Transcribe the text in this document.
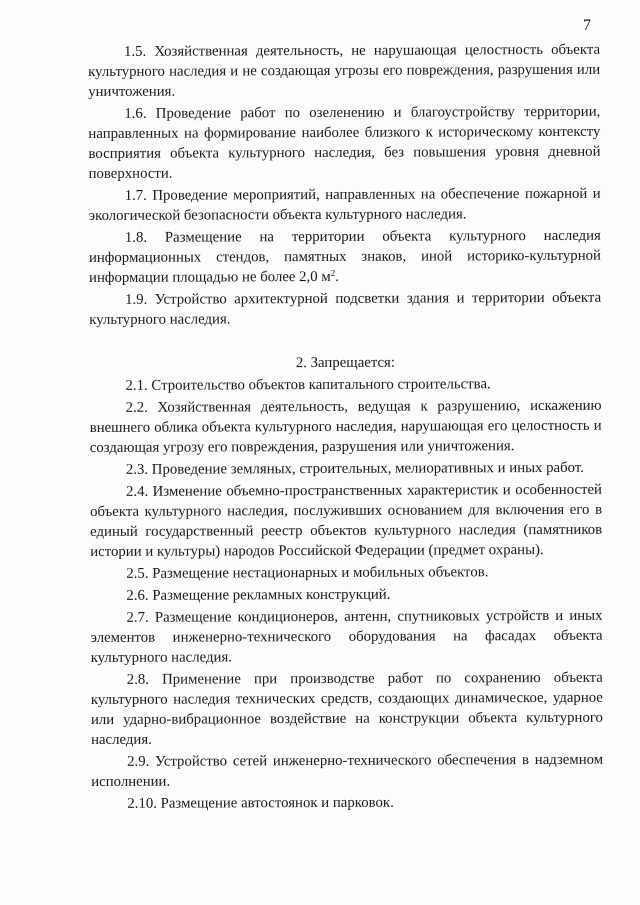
7

1.5. Хозяйственная деятельность, не нарушающая целостность объекта культурного наследия и не создающая угрозы его повреждения, разрушения или уничтожения.

1.6. Проведение работ по озеленению и благоустройству территории, направленных на формирование наиболее близкого к историческому контексту восприятия объекта культурного наследия, без повышения уровня дневной поверхности.

1.7. Проведение мероприятий, направленных на обеспечение пожарной и экологической безопасности объекта культурного наследия.

1.8. Размещение на территории объекта культурного наследия информационных стендов, памятных знаков, иной историко-культурной информации площадью не более 2,0 $м^2$.

1.9. Устройство архитектурной подсветки здания и территории объекта культурного наследия.

2. Запрещается:

2.1. Строительство объектов капитального строительства.

2.2. Хозяйственная деятельность, ведущая к разрушению, искажению внешнего облика объекта культурного наследия, нарушающая его целостность и создающая угрозу его повреждения, разрушения или уничтожения.

2.3. Проведение земляных, строительных, мелиоративных и иных работ.

2.4. Изменение объемно-пространственных характеристик и особенностей объекта культурного наследия, послуживших основанием для включения его в единый государственный реестр объектов культурного наследия (памятников истории и культуры) народов Российской Федерации (предмет охраны).

2.5. Размещение нестационарных и мобильных объектов.

2.6. Размещение рекламных конструкций.

2.7. Размещение кондиционеров, антенн, спутниковых устройств и иных элементов инженерно-технического оборудования на фасадах объекта культурного наследия.

2.8. Применение при производстве работ по сохранению объекта культурного наследия технических средств, создающих динамическое, ударное или ударно-вибрационное воздействие на конструкции объекта культурного наследия.

2.9. Устройство сетей инженерно-технического обеспечения в надземном исполнении.

2.10. Размещение автостоянок и парковок.
